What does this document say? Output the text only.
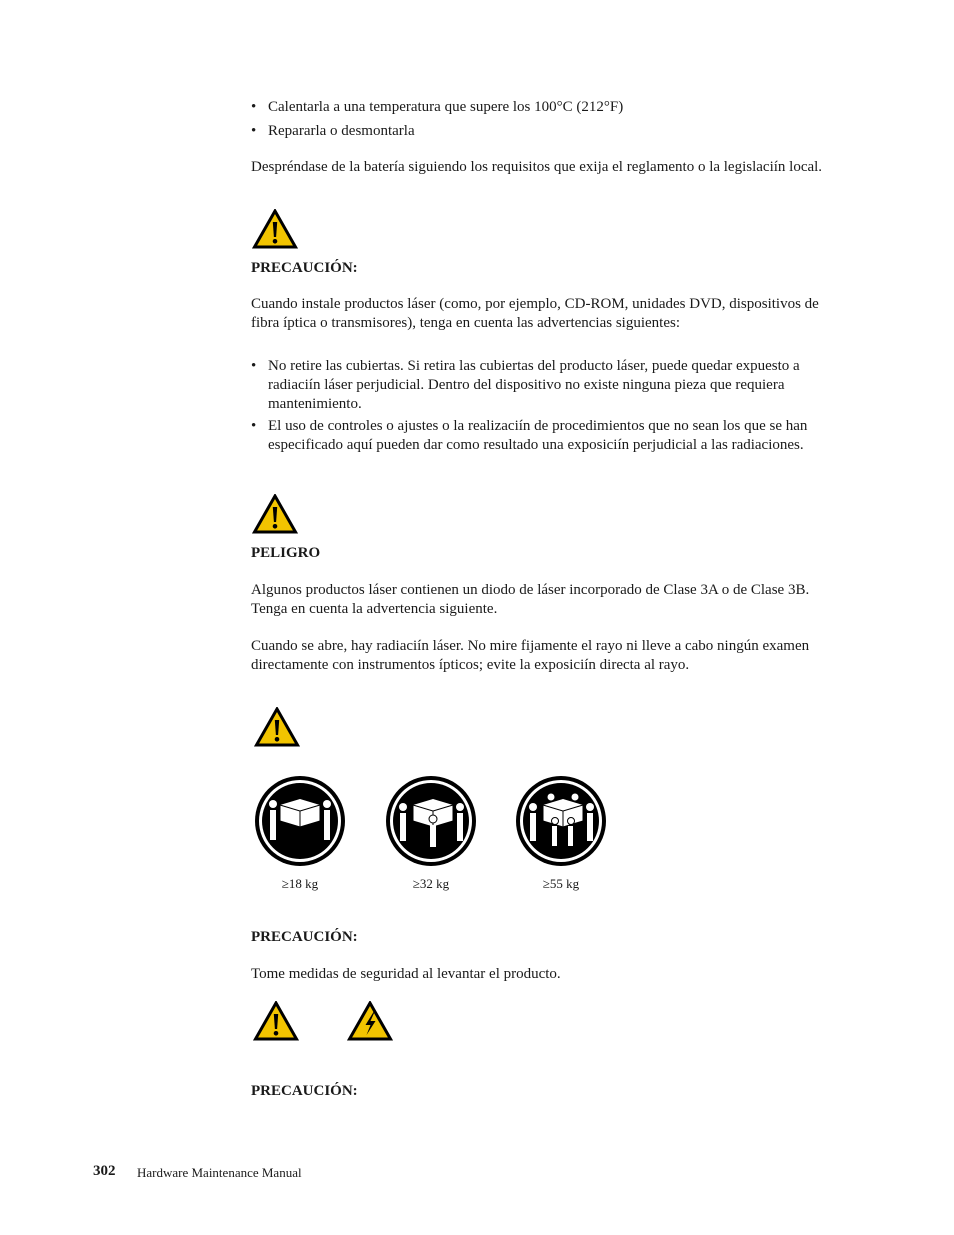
• Calentarla a una temperatura que supere los 100°C (212°F)
• Repararla o desmontarla
Despréndase de la batería siguiendo los requisitos que exija el reglamento o la legislaciín local.
PRECAUCIÓN:
Cuando instale productos láser (como, por ejemplo, CD-ROM, unidades DVD, dispositivos de fibra íptica o transmisores), tenga en cuenta las advertencias siguientes:
• No retire las cubiertas. Si retira las cubiertas del producto láser, puede quedar expuesto a radiaciín láser perjudicial. Dentro del dispositivo no existe ninguna pieza que requiera mantenimiento.
• El uso de controles o ajustes o la realizaciín de procedimientos que no sean los que se han especificado aquí pueden dar como resultado una exposiciín perjudicial a las radiaciones.
PELIGRO
Algunos productos láser contienen un diodo de láser incorporado de Clase 3A o de Clase 3B. Tenga en cuenta la advertencia siguiente.
Cuando se abre, hay radiaciín láser. No mire fijamente el rayo ni lleve a cabo ningún examen directamente con instrumentos ípticos; evite la exposiciín directa al rayo.
≥18 kg	≥32 kg	≥55 kg
PRECAUCIÓN:
Tome medidas de seguridad al levantar el producto.
PRECAUCIÓN:
302 Hardware Maintenance Manual
